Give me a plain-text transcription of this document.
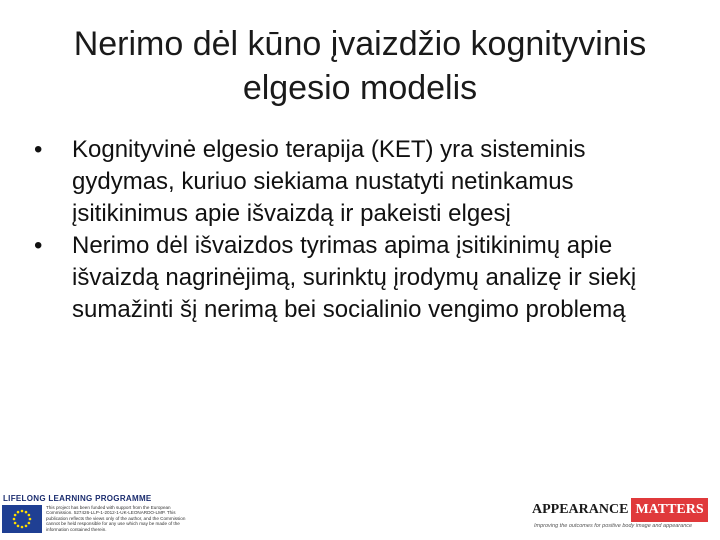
Nerimo dėl kūno įvaizdžio kognityvinis elgesio modelis
•	Kognityvinė elgesio terapija (KET) yra sisteminis gydymas, kuriuo siekiama nustatyti netinkamus įsitikinimus apie išvaizdą ir pakeisti elgesį
•	Nerimo dėl išvaizdos tyrimas apima įsitikinimų apie išvaizdą nagrinėjimą, surinktų įrodymų analizę ir siekį sumažinti šį nerimą bei socialinio vengimo problemą
LIFELONG LEARNING PROGRAMME
This project has been funded with support from the European Commission. 527426-LLP-1-2012-1-UK-LEONARDO-LMP. This publication reflects the views only of the author, and the Commission cannot be held responsible for any use which may be made of the information contained therein.
APPEARANCE MATTERS
Improving the outcomes for positive body image and appearance
